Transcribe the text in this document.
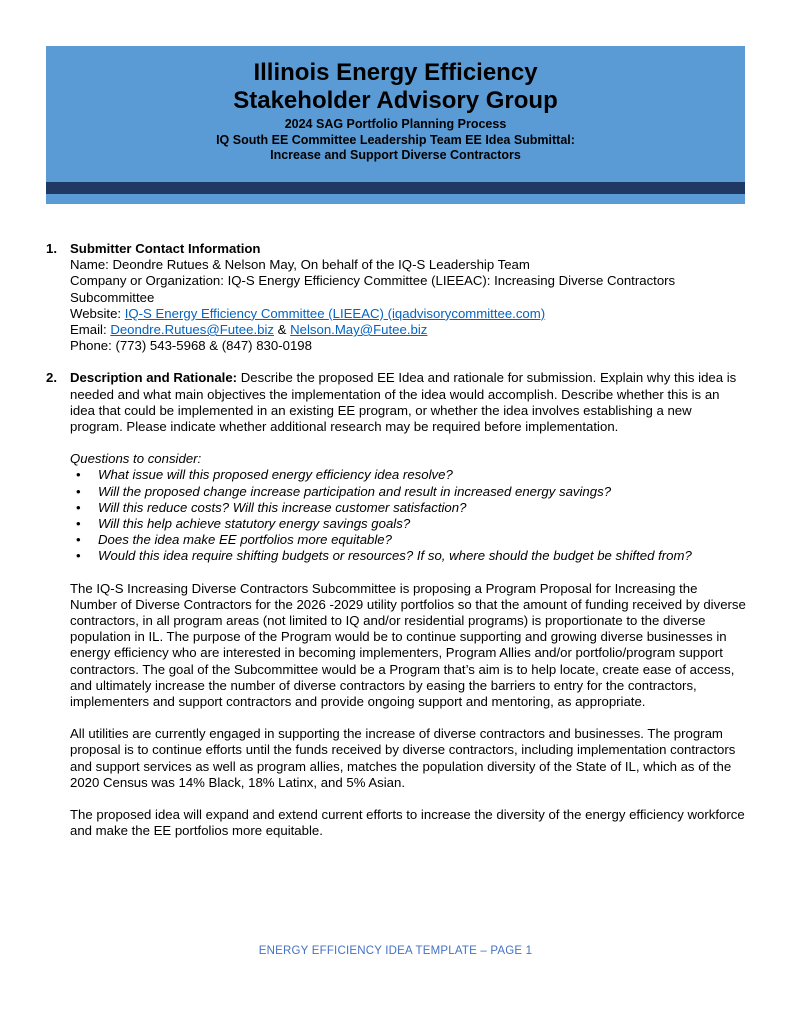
Illinois Energy Efficiency
Stakeholder Advisory Group
2024 SAG Portfolio Planning Process
IQ South EE Committee Leadership Team EE Idea Submittal:
Increase and Support Diverse Contractors
1. Submitter Contact Information
Name: Deondre Rutues & Nelson May, On behalf of the IQ-S Leadership Team
Company or Organization: IQ-S Energy Efficiency Committee (LIEEAC): Increasing Diverse Contractors Subcommittee
Website: IQ-S Energy Efficiency Committee (LIEEAC) (iqadvisorycommittee.com)
Email: Deondre.Rutues@Futee.biz & Nelson.May@Futee.biz
Phone: (773) 543-5968 & (847) 830-0198
2. Description and Rationale: Describe the proposed EE Idea and rationale for submission. Explain why this idea is needed and what main objectives the implementation of the idea would accomplish. Describe whether this is an idea that could be implemented in an existing EE program, or whether the idea involves establishing a new program. Please indicate whether additional research may be required before implementation.

Questions to consider:
• What issue will this proposed energy efficiency idea resolve?
• Will the proposed change increase participation and result in increased energy savings?
• Will this reduce costs? Will this increase customer satisfaction?
• Will this help achieve statutory energy savings goals?
• Does the idea make EE portfolios more equitable?
• Would this idea require shifting budgets or resources? If so, where should the budget be shifted from?

The IQ-S Increasing Diverse Contractors Subcommittee is proposing a Program Proposal for Increasing the Number of Diverse Contractors for the 2026 -2029 utility portfolios so that the amount of funding received by diverse contractors, in all program areas (not limited to IQ and/or residential programs) is proportionate to the diverse population in IL. The purpose of the Program would be to continue supporting and growing diverse businesses in energy efficiency who are interested in becoming implementers, Program Allies and/or portfolio/program support contractors. The goal of the Subcommittee would be a Program that’s aim is to help locate, create ease of access, and ultimately increase the number of diverse contractors by easing the barriers to entry for the contractors, implementers and support contractors and provide ongoing support and mentoring, as appropriate.

All utilities are currently engaged in supporting the increase of diverse contractors and businesses. The program proposal is to continue efforts until the funds received by diverse contractors, including implementation contractors and support services as well as program allies, matches the population diversity of the State of IL, which as of the 2020 Census was 14% Black, 18% Latinx, and 5% Asian.

The proposed idea will expand and extend current efforts to increase the diversity of the energy efficiency workforce and make the EE portfolios more equitable.

ENERGY EFFICIENCY IDEA TEMPLATE – PAGE 1
